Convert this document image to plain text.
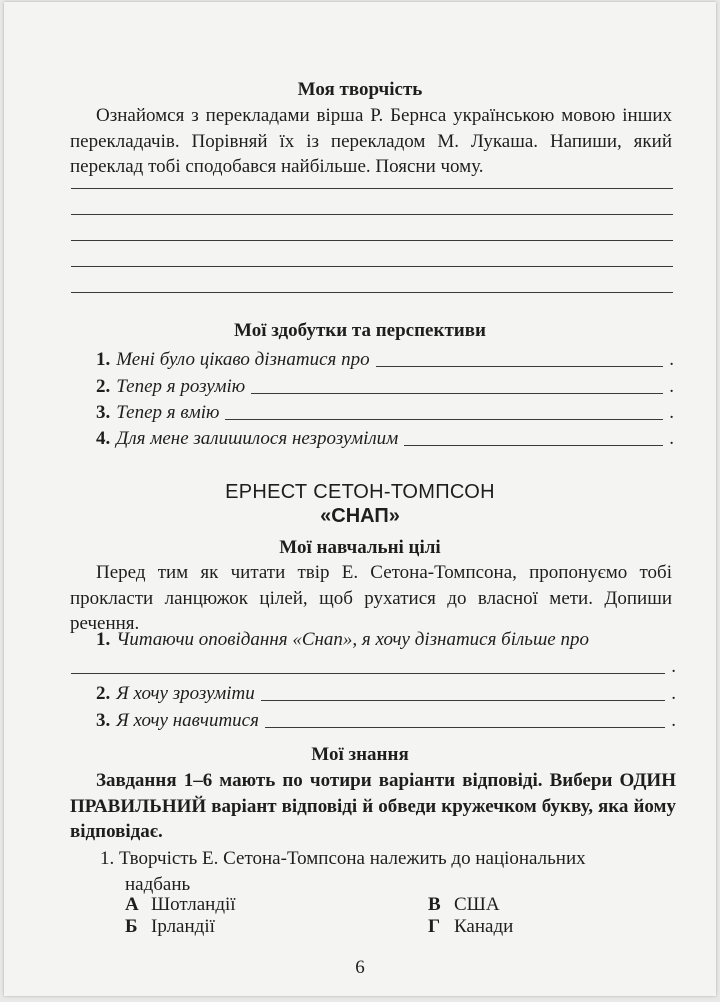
Моя творчість
Ознайомся з перекладами вірша Р. Бернса українською мовою інших перекладачів. Порівняй їх із перекладом М. Лукаша. Напиши, який переклад тобі сподобався найбільше. Поясни чому.
Мої здобутки та перспективи
1. Мені було цікаво дізнатися про	.
2. Тепер я розумію	.
3. Тепер я вмію	.
4. Для мене залишилося незрозумілим	.
ЕРНЕСТ СЕТОН-ТОМПСОН
«СНАП»
Мої навчальні цілі
Перед тим як читати твір Е. Сетона-Томпсона, пропонуємо тобі прокласти ланцюжок цілей, щоб рухатися до власної мети. Допиши речення.
1. Читаючи оповідання «Снап», я хочу дізнатися більше про
.
2. Я хочу зрозуміти	.
3. Я хочу навчитися	.
Мої знання
Завдання 1–6 мають по чотири варіанти відповіді. Вибери ОДИН ПРАВИЛЬНИЙ варіант відповіді й обведи кружечком букву, яка йому відповідає.
1. Творчість Е. Сетона-Томпсона належить до національних
надбань
А Шотландії
Б Ірландії
В США
Г Канади
6
